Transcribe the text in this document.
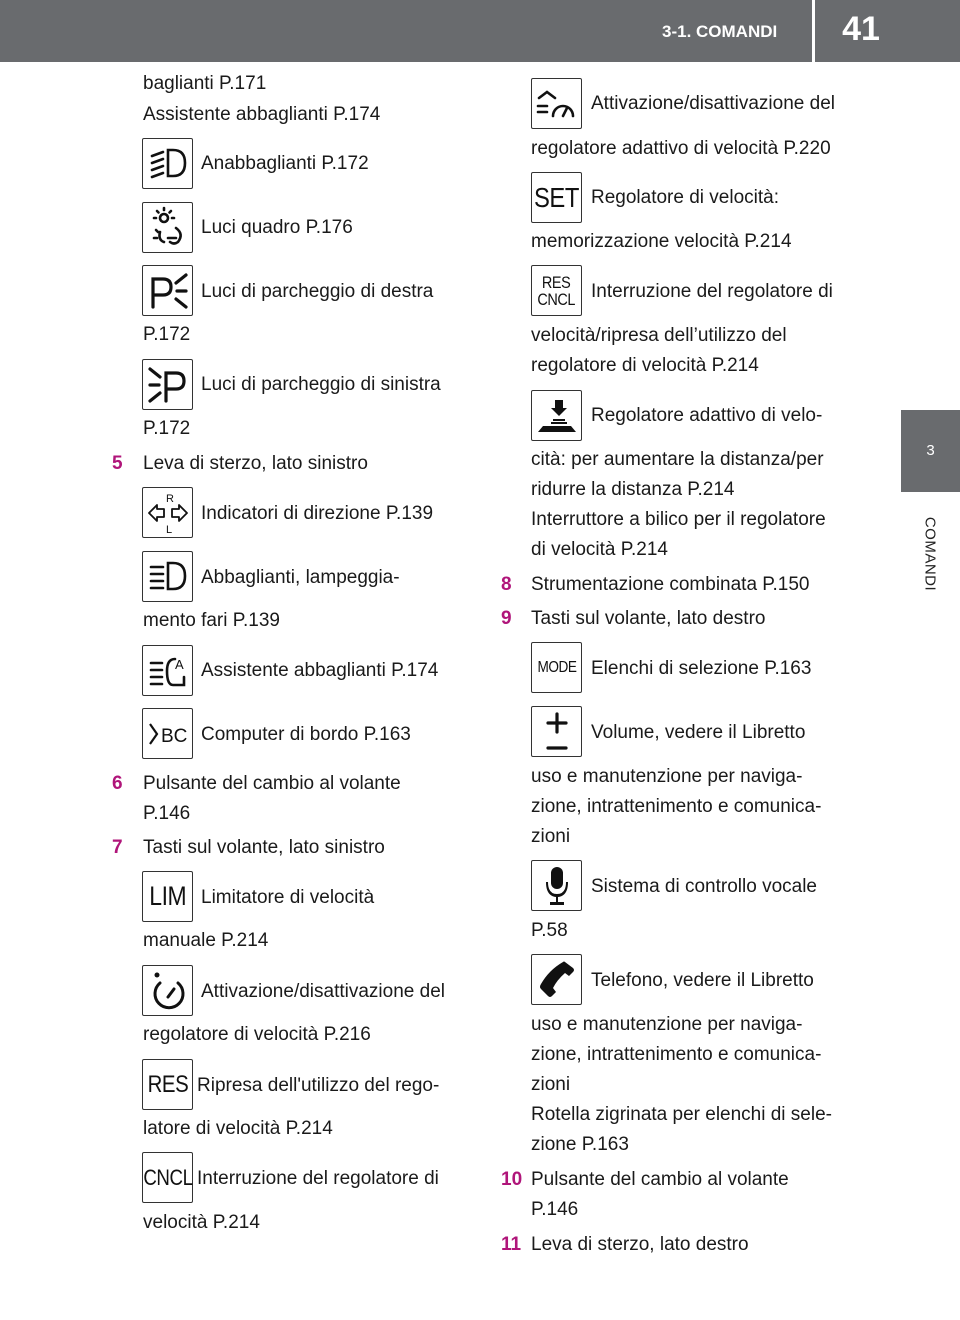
3-1. COMANDI	41
3
COMANDI
baglianti P.171
Assistente abbaglianti P.174
Anabbaglianti P.172
Luci quadro P.176
Luci di parcheggio di destra
P.172
Luci di parcheggio di sinistra
P.172
5 Leva di sterzo, lato sinistro
R
L
Indicatori di direzione P.139
Abbaglianti, lampeggia-
mento fari P.139
A Assistente abbaglianti P.174
BC Computer di bordo P.163
6 Pulsante del cambio al volante
P.146
7 Tasti sul volante, lato sinistro
LIM Limitatore di velocità
manuale P.214
Attivazione/disattivazione del
regolatore di velocità P.216
RES Ripresa dell'utilizzo del rego-
latore di velocità P.214
CNCL Interruzione del regolatore di
velocità P.214
Attivazione/disattivazione del
regolatore adattivo di velocità P.220
SET Regolatore di velocità:
memorizzazione velocità P.214
RES
CNCL Interruzione del regolatore di
velocità/ripresa dell’utilizzo del
regolatore di velocità P.214
Regolatore adattivo di velo-
cità: per aumentare la distanza/per
ridurre la distanza P.214
Interruttore a bilico per il regolatore
di velocità P.214
8 Strumentazione combinata P.150
9 Tasti sul volante, lato destro
MODE Elenchi di selezione P.163
Volume, vedere il Libretto
uso e manutenzione per naviga-
zione, intrattenimento e comunica-
zioni
Sistema di controllo vocale
P.58
Telefono, vedere il Libretto
uso e manutenzione per naviga-
zione, intrattenimento e comunica-
zioni
Rotella zigrinata per elenchi di sele-
zione P.163
10 Pulsante del cambio al volante
P.146
11 Leva di sterzo, lato destro
